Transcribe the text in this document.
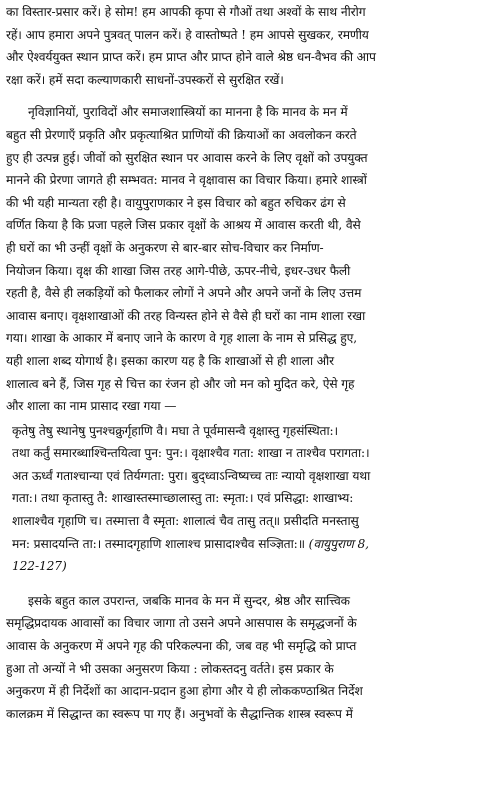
का विस्तार-प्रसार करें। हे सोम! हम आपकी कृपा से गौओं तथा अश्वों के साथ नीरोग
रहें। आप हमारा अपने पुत्रवत् पालन करें। हे वास्तोष्पते ! हम आपसे सुखकर, रमणीय
और ऐश्वर्ययुक्त स्थान प्राप्त करें। हम प्राप्त और प्राप्त होने वाले श्रेष्ठ धन-वैभव की आप
रक्षा करें। हमें सदा कल्याणकारी साधनों-उपस्करों से सुरक्षित रखें।

नृविज्ञानियों, पुराविदों और समाजशास्त्रियों का मानना है कि मानव के मन में
बहुत सी प्रेरणाएँ प्रकृति और प्रकृत्याश्रित प्राणियों की क्रियाओं का अवलोकन करते
हुए ही उत्पन्न हुई। जीवों को सुरक्षित स्थान पर आवास करने के लिए वृक्षों को उपयुक्त
मानने की प्रेरणा जागते ही सम्भवत: मानव ने वृक्षावास का विचार किया। हमारे शास्त्रों
की भी यही मान्यता रही है। वायुपुराणकार ने इस विचार को बहुत रुचिकर ढंग से
वर्णित किया है कि प्रजा पहले जिस प्रकार वृक्षों के आश्रय में आवास करती थी, वैसे
ही घरों का भी उन्हीं वृक्षों के अनुकरण से बार-बार सोच-विचार कर निर्माण-
नियोजन किया। वृक्ष की शाखा जिस तरह आगे-पीछे, ऊपर-नीचे, इधर-उधर फैली
रहती है, वैसे ही लकड़ियों को फैलाकर लोगों ने अपने और अपने जनों के लिए उत्तम
आवास बनाए। वृक्षशाखाओं की तरह विन्यस्त होने से वैसे ही घरों का नाम शाला रखा
गया। शाखा के आकार में बनाए जाने के कारण वे गृह शाला के नाम से प्रसिद्ध हुए,
यही शाला शब्द योगार्थ है। इसका कारण यह है कि शाखाओं से ही शाला और
शालात्व बने हैं, जिस गृह से चित्त का रंजन हो और जो मन को मुदित करे, ऐसे गृह
और शाला का नाम प्रासाद रखा गया —

कृतेषु तेषु स्थानेषु पुनश्चक्रुर्गृहाणि वै। मघा ते पूर्वमासन्वै वृक्षास्तु गृहसंस्थिता:।
तथा कर्तुं समारब्धाश्चिन्तयित्वा पुन: पुन:। वृक्षाश्चैव गता: शाखा न ताश्चैव परागता:।
अत ऊर्ध्वं गताश्चान्या एवं तिर्यग्गता: पुरा। बुद्ध्वाऽन्विष्यच्च ताः न्यायो वृक्षशाखा यथा
गता:। तथा कृतास्तु तै: शाखास्तस्माच्छालास्तु ता: स्मृता:। एवं प्रसिद्धा: शाखाभ्य:
शालाश्चैव गृहाणि च। तस्मात्ता वै स्मृता: शालात्वं चैव तासु तत्॥ प्रसीदति मनस्तासु
मन: प्रसादयन्ति ता:। तस्मादगृहाणि शालाश्च प्रासादाश्चैव सञ्ज्ञिता:॥ (वायुपुराण 8,
122-127)

इसके बहुत काल उपरान्त, जबकि मानव के मन में सुन्दर, श्रेष्ठ और सात्त्विक
समृद्धिप्रदायक आवासों का विचार जागा तो उसने अपने आसपास के समृद्धजनों के
आवास के अनुकरण में अपने गृह की परिकल्पना की, जब वह भी समृद्धि को प्राप्त
हुआ तो अन्यों ने भी उसका अनुसरण किया : लोकस्तदनु वर्तते। इस प्रकार के
अनुकरण में ही निर्देशों का आदान-प्रदान हुआ होगा और ये ही लोककण्ठाश्रित निर्देश
कालक्रम में सिद्धान्त का स्वरूप पा गए हैं। अनुभवों के सैद्धान्तिक शास्त्र स्वरूप में
